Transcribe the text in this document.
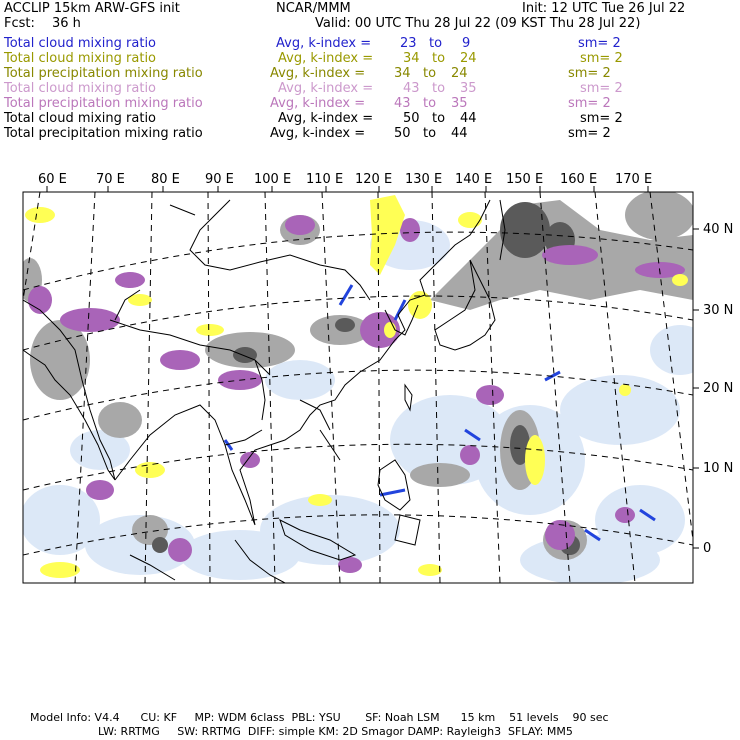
ACCLIP 15km ARW-GFS init	NCAR/MMM	Init: 12 UTC Tue 26 Jul 22
Fcst: 36 h	Valid: 00 UTC Thu 28 Jul 22 (09 KST Thu 28 Jul 22)
Total cloud mixing ratio	Avg, k-index = 23 to 9	sm= 2
Total cloud mixing ratio	Avg, k-index = 34 to 24	sm= 2
Total precipitation mixing ratio	Avg, k-index = 34 to 24	sm= 2
Total cloud mixing ratio	Avg, k-index = 43 to 35	sm= 2
Total precipitation mixing ratio	Avg, k-index = 43 to 35	sm= 2
Total cloud mixing ratio	Avg, k-index = 50 to 44	sm= 2
Total precipitation mixing ratio	Avg, k-index = 50 to 44	sm= 2
60 E 70 E 80 E 90 E 100 E 110 E 120 E 130 E 140 E 150 E 160 E 170 E
40 N
30 N
20 N
10 N
0
Model Info: V4.4      CU: KF     MP: WDM 6class  PBL: YSU       SF: Noah LSM      15 km    51 levels    90 sec
LW: RRTMG     SW: RRTMG  DIFF: simple KM: 2D Smagor DAMP: Rayleigh3  SFLAY: MM5
